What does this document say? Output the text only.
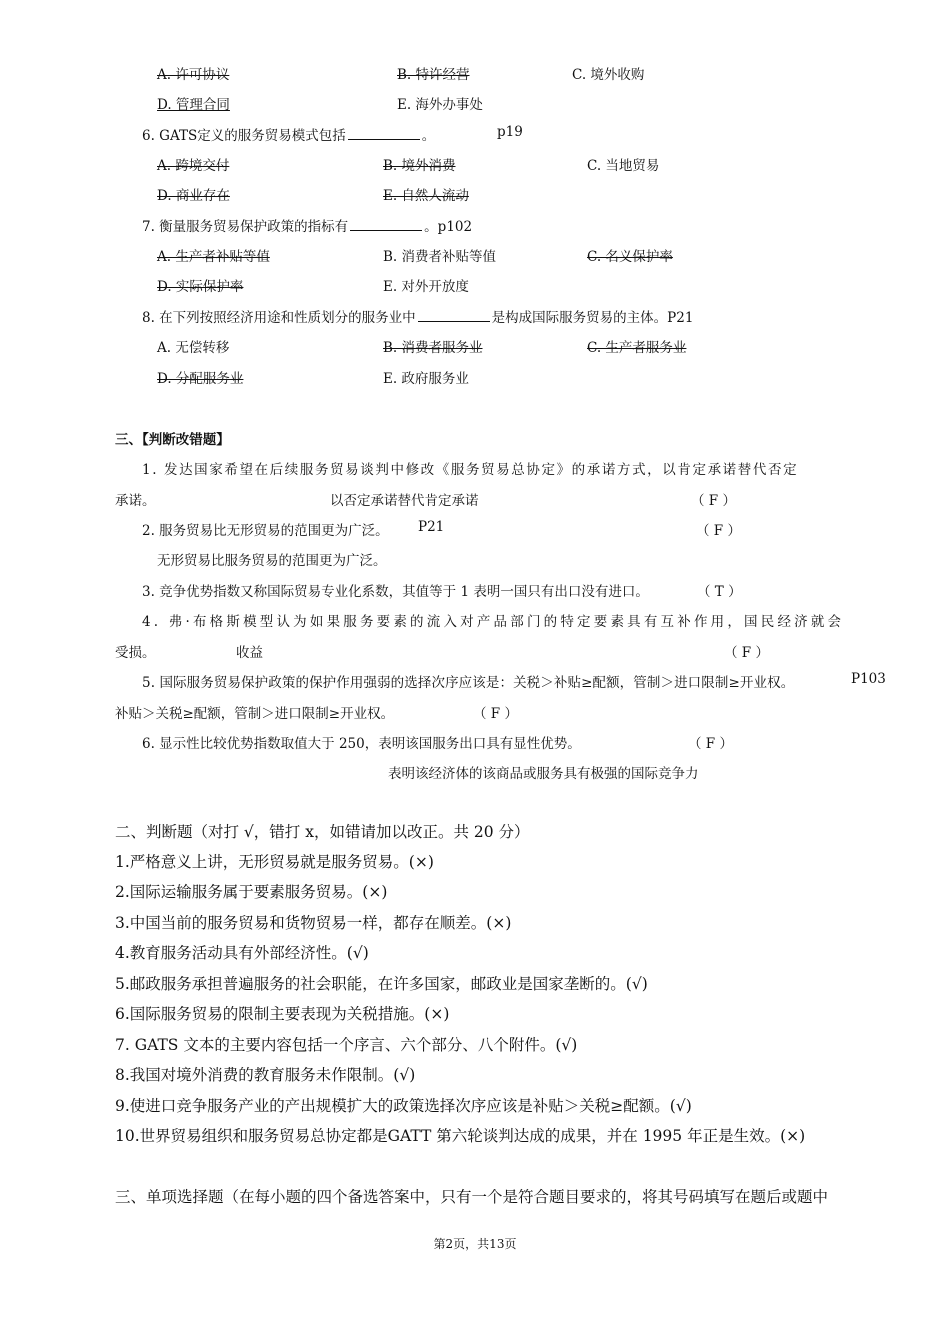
A. 许可协议	B. 特许经营	C. 境外收购
D. 管理合同	E. 海外办事处
6. GATS定义的服务贸易模式包括	。	p19
A. 跨境交付	B. 境外消费	C. 当地贸易
D. 商业存在	E. 自然人流动
7. 衡量服务贸易保护政策的指标有	。p102
A. 生产者补贴等值	B. 消费者补贴等值	C. 名义保护率
D. 实际保护率	E. 对外开放度
8. 在下列按照经济用途和性质划分的服务业中	是构成国际服务贸易的主体。P21
A. 无偿转移	B. 消费者服务业	C. 生产者服务业
D. 分配服务业	E. 政府服务业
三、【判断改错题】
1. 发达国家希望在后续服务贸易谈判中修改《服务贸易总协定》的承诺方式，以肯定承诺替代否定
承诺。	以否定承诺替代肯定承诺	（ F ）
2. 服务贸易比无形贸易的范围更为广泛。 P21	（ F ）
无形贸易比服务贸易的范围更为广泛。
3. 竞争优势指数又称国际贸易专业化系数，其值等于 1 表明一国只有出口没有进口。	（ T ）
4. 弗·布格斯模型认为如果服务要素的流入对产品部门的特定要素具有互补作用，国民经济就会
受损。	收益	（ F ）
5. 国际服务贸易保护政策的保护作用强弱的选择次序应该是：关税＞补贴≥配额，管制＞进口限制≥开业权。	P103
补贴＞关税≥配额，管制＞进口限制≥开业权。	（ F ）
6. 显示性比较优势指数取值大于 250，表明该国服务出口具有显性优势。	（ F ）
表明该经济体的该商品或服务具有极强的国际竞争力
二、判断题（对打 √，错打 x，如错请加以改正。共 20 分）
1.严格意义上讲，无形贸易就是服务贸易。(×)
2.国际运输服务属于要素服务贸易。(×)
3.中国当前的服务贸易和货物贸易一样，都存在顺差。(×)
4.教育服务活动具有外部经济性。(√)
5.邮政服务承担普遍服务的社会职能，在许多国家，邮政业是国家垄断的。(√)
6.国际服务贸易的限制主要表现为关税措施。(×)
7. GATS 文本的主要内容包括一个序言、六个部分、八个附件。(√)
8.我国对境外消费的教育服务未作限制。(√)
9.使进口竞争服务产业的产出规模扩大的政策选择次序应该是补贴＞关税≥配额。(√)
10.世界贸易组织和服务贸易总协定都是GATT 第六轮谈判达成的成果，并在 1995 年正是生效。(×)
三、单项选择题（在每小题的四个备选答案中，只有一个是符合题目要求的，将其号码填写在题后或题中
第2页，共13页
